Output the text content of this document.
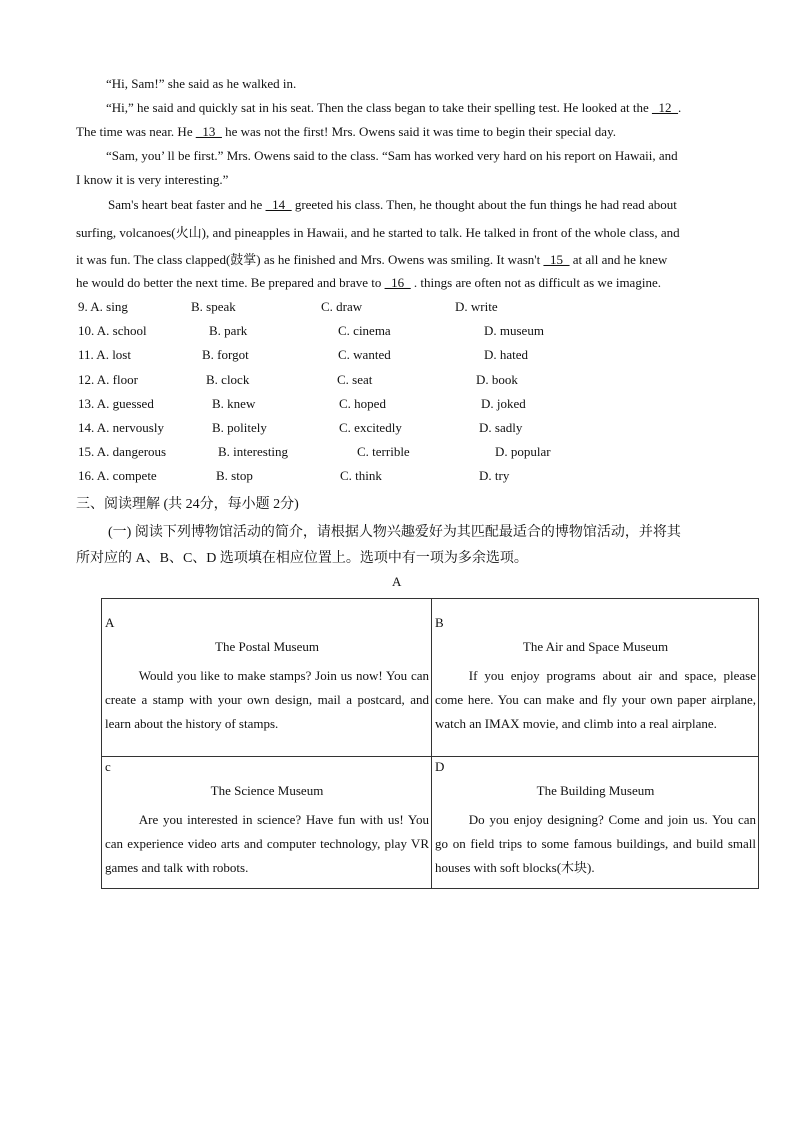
“Hi, Sam!” she said as he walked in.
“Hi,” he said and quickly sat in his seat. Then the class began to take their spelling test. He looked at the _12_.
The time was near. He _13_ he was not the first! Mrs. Owens said it was time to begin their special day.
“Sam, you’ ll be first.” Mrs. Owens said to the class. “Sam has worked very hard on his report on Hawaii, and
I know it is very interesting.”
Sam's heart beat faster and he _14_ greeted his class. Then, he thought about the fun things he had read about
surfing, volcanoes(火山), and pineapples in Hawaii, and he started to talk. He talked in front of the whole class, and
it was fun. The class clapped(鼓掌) as he finished and Mrs. Owens was smiling. It wasn't _15_ at all and he knew
he would do better the next time. Be prepared and brave to _16_ . things are often not as difficult as we imagine.
9. A. sing	B. speak	C. draw	D. write
10. A. school	B. park	C. cinema	D. museum
11. A. lost	B. forgot	C. wanted	D. hated
12. A. floor	B. clock	C. seat	D. book
13. A. guessed	B. knew	C. hoped	D. joked
14. A. nervously	B. politely	C. excitedly	D. sadly
15. A. dangerous	B. interesting	C. terrible	D. popular
16. A. compete	B. stop	C. think	D. try
三、阅读理解 (共 24分，每小题 2分)
(一) 阅读下列博物馆活动的简介，请根据人物兴趣爱好为其匹配最适合的博物馆活动，并将其
所对应的 A、B、C、D 选项填在相应位置上。选项中有一项为多余选项。
A
A
The Postal Museum
Would you like to make stamps? Join us now! You can create a stamp with your own design, mail a postcard, and learn about the history of stamps.	B
The Air and Space Museum
If you enjoy programs about air and space, please come here. You can make and fly your own paper airplane, watch an IMAX movie, and climb into a real airplane.

c
The Science Museum
Are you interested in science? Have fun with us! You can experience video arts and computer technology, play VR games and talk with robots.	D
The Building Museum
Do you enjoy designing? Come and join us. You can go on field trips to some famous buildings, and build small houses with soft blocks(木块).
